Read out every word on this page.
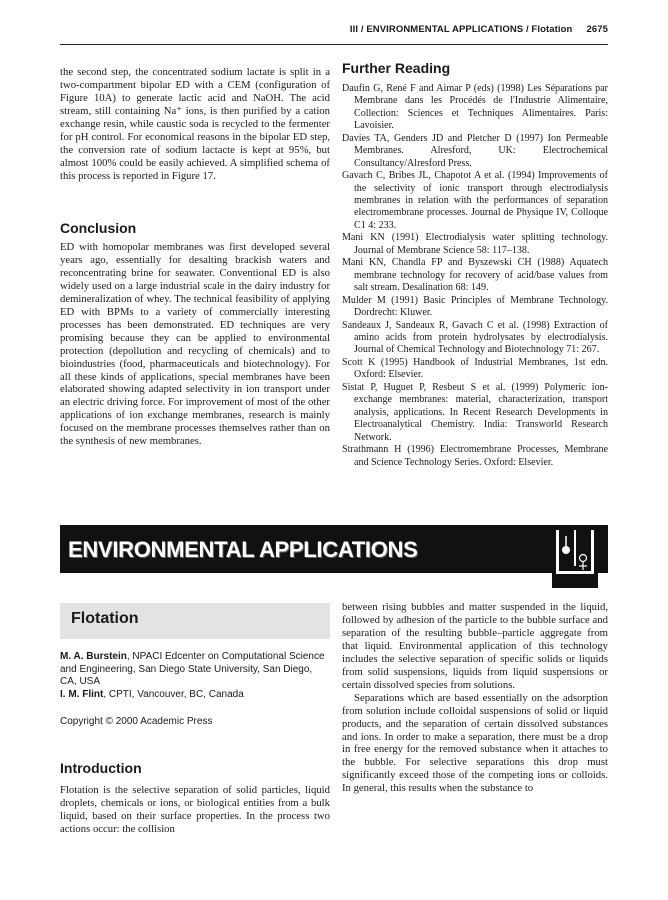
III / ENVIRONMENTAL APPLICATIONS / Flotation 2675

the second step, the concentrated sodium lactate is split in a two-compartment bipolar ED with a CEM (configuration of Figure 10A) to generate lactic acid and NaOH. The acid stream, still containing Na⁺ ions, is then purified by a cation exchange resin, while caustic soda is recycled to the fermenter for pH control. For economical reasons in the bipolar ED step, the conversion rate of sodium lactacte is kept at 95%, but almost 100% could be easily achieved. A simplified schema of this process is reported in Figure 17.

Conclusion

ED with homopolar membranes was first developed several years ago, essentially for desalting brackish waters and reconcentrating brine for seawater. Conventional ED is also widely used on a large industrial scale in the dairy industry for demineralization of whey. The technical feasibility of applying ED with BPMs to a variety of commercially interesting processes has been demonstrated. ED techniques are very promising because they can be applied to environmental protection (depollution and recycling of chemicals) and to bioindustries (food, pharmaceuticals and biotechnology). For all these kinds of applications, special membranes have been elaborated showing adapted selectivity in ion transport under an electric driving force. For improvement of most of the other applications of ion exchange membranes, research is mainly focused on the membrane processes themselves rather than on the synthesis of new membranes.

Further Reading
Daufin G, René F and Aimar P (eds) (1998) Les Séparations par Membrane dans les Procédés de l'Industrie Alimentaire, Collection: Sciences et Techniques Alimentaires. Paris: Lavoisier.
Davies TA, Genders JD and Pletcher D (1997) Ion Permeable Membranes. Alresford, UK: Electrochemical Consultancy/Alresford Press.
Gavach C, Bribes JL, Chapotot A et al. (1994) Improvements of the selectivity of ionic transport through electrodialysis membranes in relation with the performances of separation electromembrane processes. Journal de Physique IV, Colloque C1 4: 233.
Mani KN (1991) Electrodialysis water splitting technology. Journal of Membrane Science 58: 117–138.
Mani KN, Chandla FP and Byszewski CH (1988) Aquatech membrane technology for recovery of acid/base values from salt stream. Desalination 68: 149.
Mulder M (1991) Basic Principles of Membrane Technology. Dordrecht: Kluwer.
Sandeaux J, Sandeaux R, Gavach C et al. (1998) Extraction of amino acids from protein hydrolysates by electrodialysis. Journal of Chemical Technology and Biotechnology 71: 267.
Scott K (1995) Handbook of Industrial Membranes, 1st edn. Oxford: Elsevier.
Sistat P, Huguet P, Resbeut S et al. (1999) Polymeric ion-exchange membranes: material, characterization, transport analysis, applications. In Recent Research Developments in Electroanalytical Chemistry. India: Transworld Research Network.
Strathmann H (1996) Electromembrane Processes, Membrane and Science Technology Series. Oxford: Elsevier.
ENVIRONMENTAL APPLICATIONS
Flotation
M. A. Burstein, NPACI Edcenter on Computational Science and Engineering, San Diego State University, San Diego, CA, USA
I. M. Flint, CPTI, Vancouver, BC, Canada
Copyright © 2000 Academic Press
Introduction

Flotation is the selective separation of solid particles, liquid droplets, chemicals or ions, or biological entities from a bulk liquid, based on their surface properties. In the process two actions occur: the collision

between rising bubbles and matter suspended in the liquid, followed by adhesion of the particle to the bubble surface and separation of the resulting bubble–particle aggregate from that liquid. Environmental application of this technology includes the selective separation of specific solids or liquids from solid suspensions, liquids from liquid suspensions or certain dissolved species from solutions.

Separations which are based essentially on the adsorption from solution include colloidal suspensions of solid or liquid products, and the separation of certain dissolved substances and ions. In order to make a separation, there must be a drop in free energy for the removed substance when it attaches to the bubble. For selective separations this drop must significantly exceed those of the competing ions or colloids. In general, this results when the substance to
